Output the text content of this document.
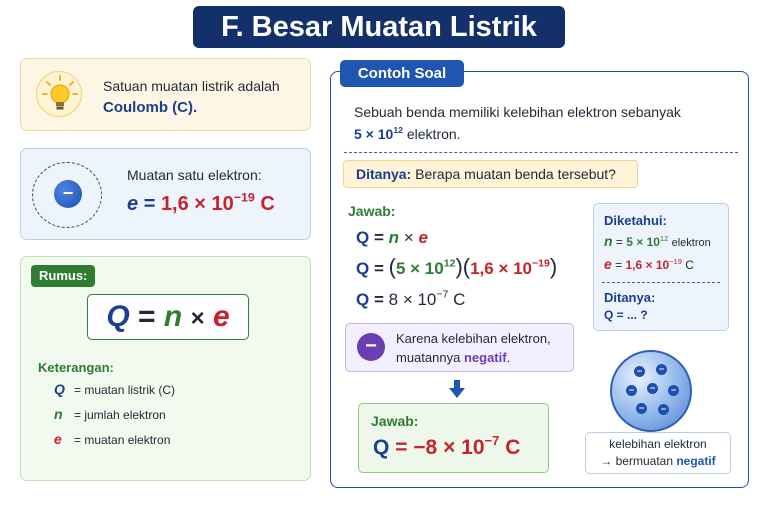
F. Besar Muatan Listrik
Satuan muatan listrik adalah
Coulomb (C).
−
Muatan satu elektron:
$e = 1,6 \times 10^{-19}$ C
Rumus:
Q = n × e
Keterangan:
Q = muatan listrik (C)
n = jumlah elektron
e = muatan elektron
Contoh Soal
Sebuah benda memiliki kelebihan elektron sebanyak
$5 \times 10^{12}$ elektron.
Ditanya: Berapa muatan benda tersebut?
Jawab:
Q = n × e
$Q = (5 \times 10^{12})(1,6 \times 10^{-19})$
$Q = 8 \times 10^{-7}$ C
−	Karena kelebihan elektron,
muatannya negatif.
Jawab:
$Q = -8 \times 10^{-7}$ C
Diketahui:
$n = 5 \times 10^{12}$ elektron
$e = 1,6 \times 10^{-19}$ C
Ditanya:
Q = ... ?
−	−
−	−	−
−	−
kelebihan elektron
→ bermuatan negatif
